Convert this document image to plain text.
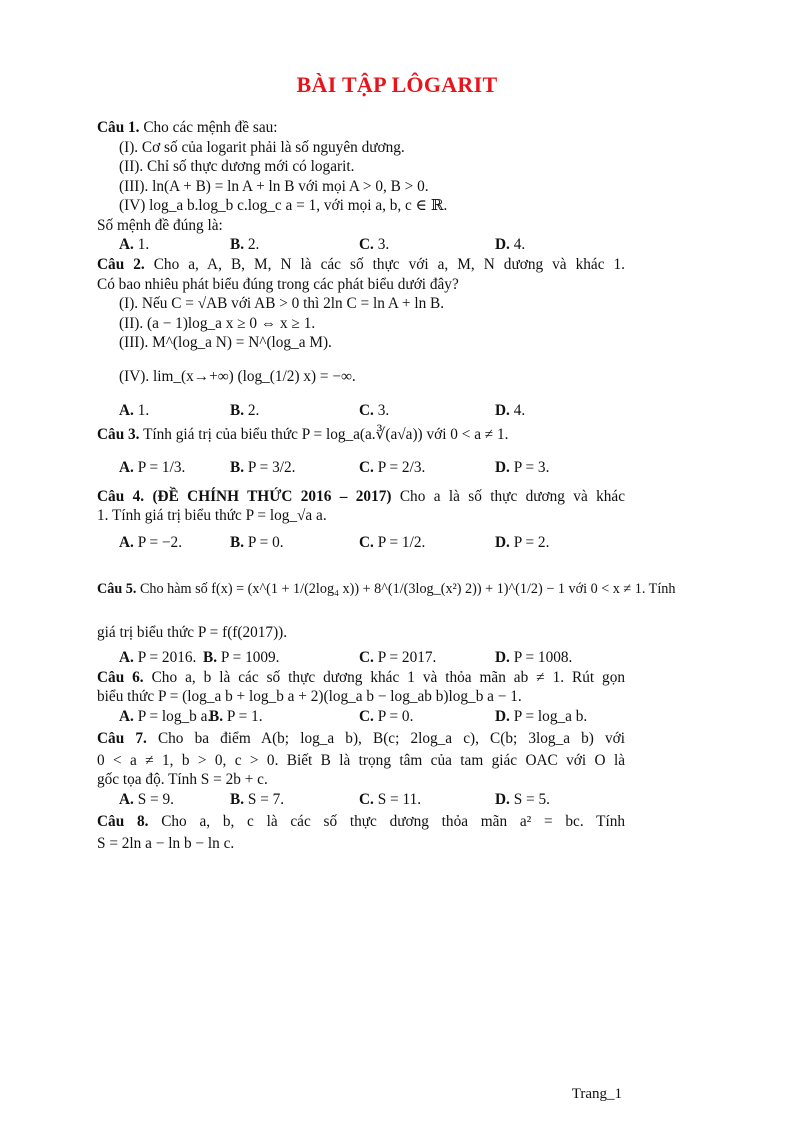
BÀI TẬP LÔGARIT
Câu 1. Cho các mệnh đề sau:
(I). Cơ số của logarit phải là số nguyên dương.
(II). Chỉ số thực dương mới có logarit.
(III). ln(A + B) = ln A + ln B với mọi A > 0, B > 0.
(IV) log_a b.log_b c.log_c a = 1, với mọi a, b, c ∈ ℝ.
Số mệnh đề đúng là:
A. 1.	B. 2.	C. 3.	D. 4.
Câu 2. Cho a, A, B, M, N là các số thực với a, M, N dương và khác 1.
Có bao nhiêu phát biểu đúng trong các phát biểu dưới đây?
(I). Nếu C = √AB với AB > 0 thì 2ln C = ln A + ln B.
(II). (a − 1)log_a x ≥ 0 ⇔ x ≥ 1.
(III). M^(log_a N) = N^(log_a M).
(IV). lim_(x→+∞) (log_(1/2) x) = −∞.
A. 1.	B. 2.	C. 3.	D. 4.
Câu 3. Tính giá trị của biểu thức P = log_a(a.∛(a√a)) với 0 < a ≠ 1.
A. P = 1/3.	B. P = 3/2.	C. P = 2/3.	D. P = 3.
Câu 4. (ĐỀ CHÍNH THỨC 2016 – 2017) Cho a là số thực dương và khác
1. Tính giá trị biểu thức P = log_√a a.
A. P = −2.	B. P = 0.	C. P = 1/2.	D. P = 2.
Câu 5. Cho hàm số f(x) = (x^(1 + 1/(2log₄ x)) + 8^(1/(3log_(x²) 2)) + 1)^(1/2) − 1 với 0 < x ≠ 1. Tính
giá trị biểu thức P = f(f(2017)).
A. P = 2016. B. P = 1009.	C. P = 2017.	D. P = 1008.
Câu 6. Cho a, b là các số thực dương khác 1 và thỏa mãn ab ≠ 1. Rút gọn
biểu thức P = (log_a b + log_b a + 2)(log_a b − log_ab b)log_b a − 1.
A. P = log_b a.
B. P = 1.	C. P = 0.	D. P = log_a b.
Câu 7. Cho ba điểm A(b; log_a b), B(c; 2log_a c), C(b; 3log_a b) với
0 < a ≠ 1, b > 0, c > 0. Biết B là trọng tâm của tam giác OAC với O là
gốc tọa độ. Tính S = 2b + c.
A. S = 9.	B. S = 7.	C. S = 11.	D. S = 5.
Câu 8. Cho a, b, c là các số thực dương thỏa mãn a² = bc. Tính
S = 2ln a − ln b − ln c.
Trang_1
